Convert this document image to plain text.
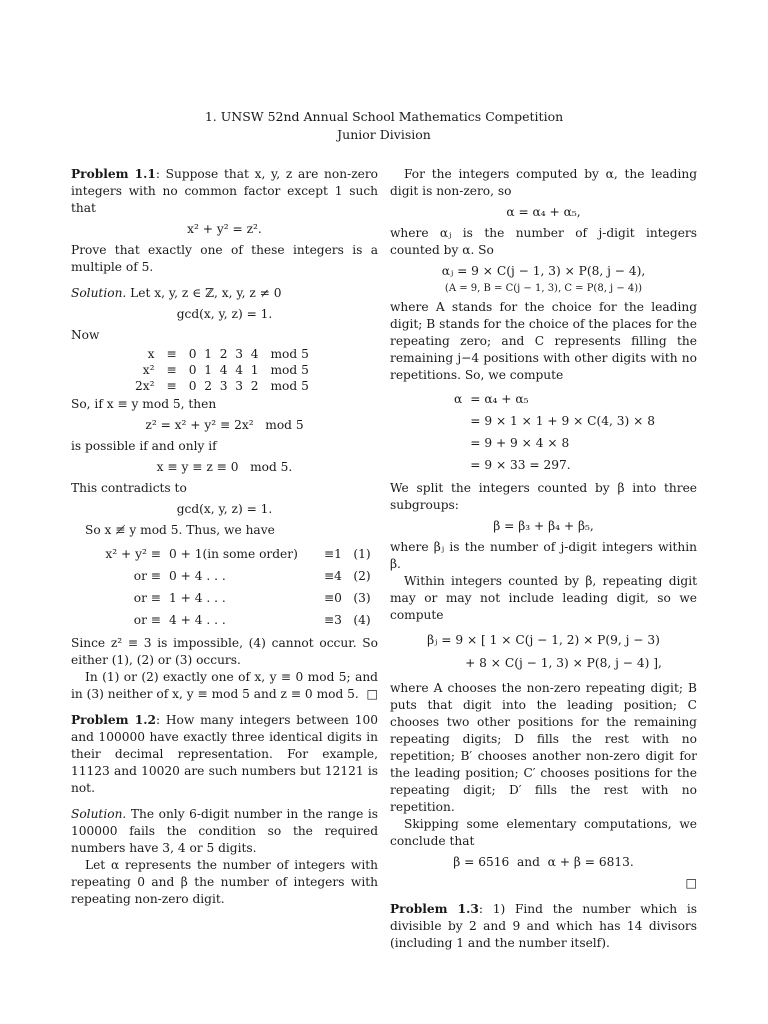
1. UNSW 52nd Annual School Mathematics Competition
Junior Division

Problem 1.1: Suppose that x, y, z are non-zero integers with no common factor except 1 such that

x² + y² = z².

Prove that exactly one of these integers is a multiple of 5.

Solution. Let x, y, z ∈ ℤ, x, y, z ≠ 0

gcd(x, y, z) = 1.

Now

x	≡	0  1  2  3  4	mod 5
x²	≡	0  1  4  4  1	mod 5
2x²	≡	0  2  3  3  2	mod 5

So, if x ≡ y mod 5, then

z² = x² + y² ≡ 2x²   mod 5

is possible if and only if

x ≡ y ≡ z ≡ 0   mod 5.

This contradicts to

gcd(x, y, z) = 1.

So x ≢ y mod 5. Thus, we have

x² + y² ≡	0 + 1(in some order)	≡1	(1)
or ≡	0 + 4 . . .	≡4	(2)
or ≡	1 + 4 . . .	≡0	(3)
or ≡	4 + 4 . . .	≡3	(4)

Since z² ≡ 3 is impossible, (4) cannot occur. So either (1), (2) or (3) occurs.

In (1) or (2) exactly one of x, y ≡ 0 mod 5; and in (3) neither of x, y ≡ mod 5 and z ≡ 0 mod 5. □

Problem 1.2: How many integers between 100 and 100000 have exactly three identical digits in their decimal representation. For example, 11123 and 10020 are such numbers but 12121 is not.

Solution. The only 6-digit number in the range is 100000 fails the condition so the required numbers have 3, 4 or 5 digits.

Let α represents the number of integers with repeating 0 and β the number of integers with repeating non-zero digit.

For the integers computed by α, the leading digit is non-zero, so

α = α₄ + α₅,

where αⱼ is the number of j-digit integers counted by α. So

αⱼ = 9 × C(j − 1, 3) × P(8, j − 4),

(A = 9, B = C(j − 1, 3), C = P(8, j − 4))

where A stands for the choice for the leading digit; B stands for the choice of the places for the repeating zero; and C represents filling the remaining j−4 positions with other digits with no repetitions. So, we compute

α	= α₄ + α₅
	= 9 × 1 × 1 + 9 × C(4, 3) × 8
	= 9 + 9 × 4 × 8
	= 9 × 33 = 297.

We split the integers counted by β into three subgroups:

β = β₃ + β₄ + β₅,

where βⱼ is the number of j-digit integers within β.

Within integers counted by β, repeating digit may or may not include leading digit, so we compute

βⱼ = 9 × [ 1 × C(j − 1, 2) × P(9, j − 3)

+ 8 × C(j − 1, 3) × P(8, j − 4) ],

where A chooses the non-zero repeating digit; B puts that digit into the leading position; C chooses two other positions for the remaining repeating digits; D fills the rest with no repetition; B′ chooses another non-zero digit for the leading position; C′ chooses positions for the repeating digit; D′ fills the rest with no repetition.

Skipping some elementary computations, we conclude that

β = 6516  and  α + β = 6813.

□

Problem 1.3: 1) Find the number which is divisible by 2 and 9 and which has 14 divisors (including 1 and the number itself).
